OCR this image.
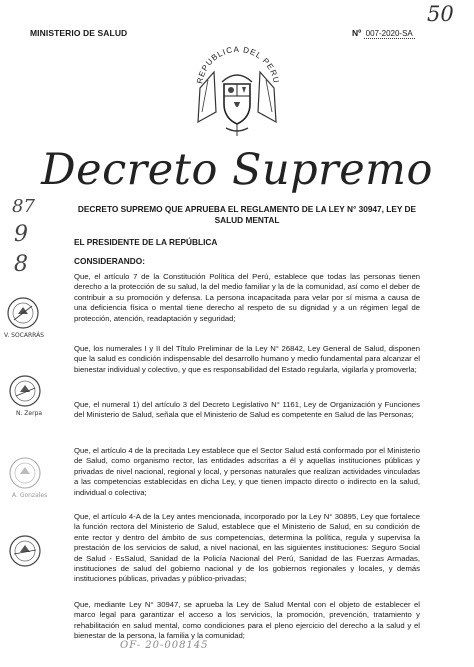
MINISTERIO DE SALUD	Nº 007-2020-SA
50
REPUBLICA DEL PERU
Decreto Supremo
DECRETO SUPREMO QUE APRUEBA EL REGLAMENTO DE LA LEY N° 30947, LEY DE SALUD MENTAL
EL PRESIDENTE DE LA REPÚBLICA
CONSIDERANDO:
Que, el artículo 7 de la Constitución Política del Perú, establece que todas las personas tienen derecho a la protección de su salud, la del medio familiar y la de la comunidad, así como el deber de contribuir a su promoción y defensa. La persona incapacitada para velar por sí misma a causa de una deficiencia física o mental tiene derecho al respeto de su dignidad y a un régimen legal de protección, atención, readaptación y seguridad;
Que, los numerales I y II del Título Preliminar de la Ley N° 26842, Ley General de Salud, disponen que la salud es condición indispensable del desarrollo humano y medio fundamental para alcanzar el bienestar individual y colectivo, y que es responsabilidad del Estado regularla, vigilarla y promoverla;
Que, el numeral 1) del artículo 3 del Decreto Legislativo N° 1161, Ley de Organización y Funciones del Ministerio de Salud, señala que el Ministerio de Salud es competente en Salud de las Personas;
Que, el artículo 4 de la precitada Ley establece que el Sector Salud está conformado por el Ministerio de Salud, como organismo rector, las entidades adscritas a él y aquellas instituciones públicas y privadas de nivel nacional, regional y local, y personas naturales que realizan actividades vinculadas a las competencias establecidas en dicha Ley, y que tienen impacto directo o indirecto en la salud, individual o colectiva;
Que, el artículo 4-A de la Ley antes mencionada, incorporado por la Ley N° 30895, Ley que fortalece la función rectora del Ministerio de Salud, establece que el Ministerio de Salud, en su condición de ente rector y dentro del ámbito de sus competencias, determina la política, regula y supervisa la prestación de los servicios de salud, a nivel nacional, en las siguientes instituciones: Seguro Social de Salud - EsSalud, Sanidad de la Policía Nacional del Perú, Sanidad de las Fuerzas Armadas, instituciones de salud del gobierno nacional y de los gobiernos regionales y locales, y demás instituciones públicas, privadas y público-privadas;
Que, mediante Ley N° 30947, se aprueba la Ley de Salud Mental con el objeto de establecer el marco legal para garantizar el acceso a los servicios, la promoción, prevención, tratamiento y rehabilitación en salud mental, como condiciones para el pleno ejercicio del derecho a la salud y el bienestar de la persona, la familia y la comunidad;
87
9
8
V. SOCARRÁS
N. Zerpa
A. Gonzales
OF- 20-008145
